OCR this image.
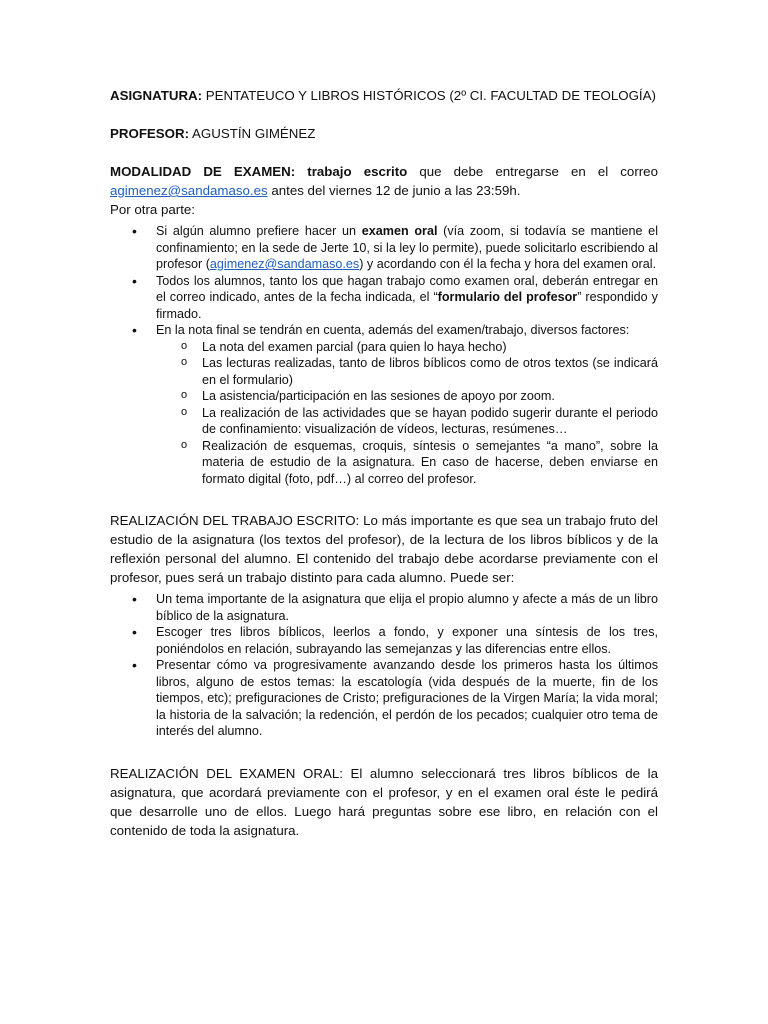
ASIGNATURA: PENTATEUCO Y LIBROS HISTÓRICOS (2º CI. FACULTAD DE TEOLOGÍA)

PROFESOR: AGUSTÍN GIMÉNEZ

MODALIDAD DE EXAMEN: trabajo escrito que debe entregarse en el correo agimenez@sandamaso.es antes del viernes 12 de junio a las 23:59h.

Por otra parte:

• Si algún alumno prefiere hacer un examen oral (vía zoom, si todavía se mantiene el confinamiento; en la sede de Jerte 10, si la ley lo permite), puede solicitarlo escribiendo al profesor (agimenez@sandamaso.es) y acordando con él la fecha y hora del examen oral.
• Todos los alumnos, tanto los que hagan trabajo como examen oral, deberán entregar en el correo indicado, antes de la fecha indicada, el “formulario del profesor” respondido y firmado.
• En la nota final se tendrán en cuenta, además del examen/trabajo, diversos factores:
o La nota del examen parcial (para quien lo haya hecho)
o Las lecturas realizadas, tanto de libros bíblicos como de otros textos (se indicará en el formulario)
o La asistencia/participación en las sesiones de apoyo por zoom.
o La realización de las actividades que se hayan podido sugerir durante el periodo de confinamiento: visualización de vídeos, lecturas, resúmenes…
o Realización de esquemas, croquis, síntesis o semejantes “a mano”, sobre la materia de estudio de la asignatura. En caso de hacerse, deben enviarse en formato digital (foto, pdf…) al correo del profesor.

REALIZACIÓN DEL TRABAJO ESCRITO: Lo más importante es que sea un trabajo fruto del estudio de la asignatura (los textos del profesor), de la lectura de los libros bíblicos y de la reflexión personal del alumno. El contenido del trabajo debe acordarse previamente con el profesor, pues será un trabajo distinto para cada alumno. Puede ser:

• Un tema importante de la asignatura que elija el propio alumno y afecte a más de un libro bíblico de la asignatura.
• Escoger tres libros bíblicos, leerlos a fondo, y exponer una síntesis de los tres, poniéndolos en relación, subrayando las semejanzas y las diferencias entre ellos.
• Presentar cómo va progresivamente avanzando desde los primeros hasta los últimos libros, alguno de estos temas: la escatología (vida después de la muerte, fin de los tiempos, etc); prefiguraciones de Cristo; prefiguraciones de la Virgen María; la vida moral; la historia de la salvación; la redención, el perdón de los pecados; cualquier otro tema de interés del alumno.

REALIZACIÓN DEL EXAMEN ORAL: El alumno seleccionará tres libros bíblicos de la asignatura, que acordará previamente con el profesor, y en el examen oral éste le pedirá que desarrolle uno de ellos. Luego hará preguntas sobre ese libro, en relación con el contenido de toda la asignatura.
